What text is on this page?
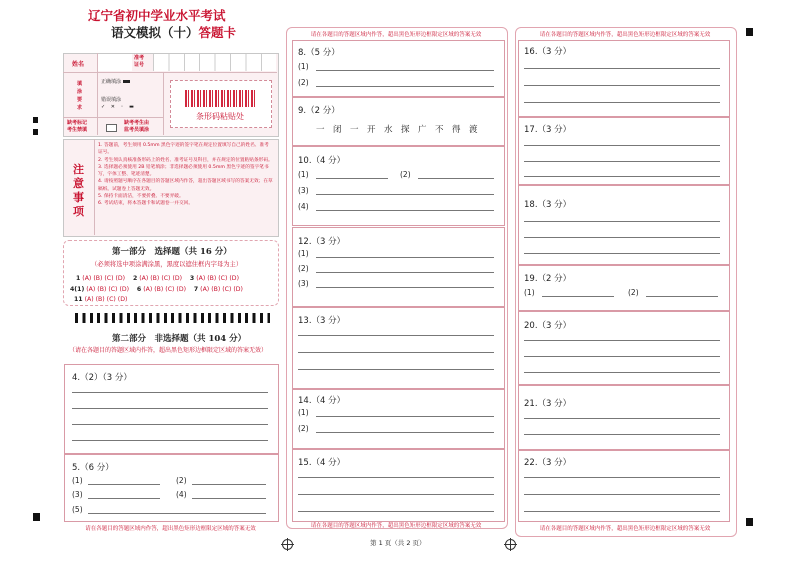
辽宁省初中学业水平考试
语文模拟（十）答题卡
姓名
准考
证号
填
涂
要
求
正确填涂
错误填涂
✓ ✕ ◦ ▬
缺考标记
考生禁填
缺考考生由
监考员填涂
条形码粘贴处
注
意
事
项
1. 答题前，考生须用 0.5mm 黑色字迹的签字笔在规定位置填写自己的姓名、准考证号。
2. 考生须认真核准条形码上的姓名、准考证号及科目，并在规定的位置粘贴条形码。
3. 选择题必须使用 2B 铅笔填涂；非选择题必须使用 0.5mm 黑色字迹的签字笔书写，字体工整、笔迹清楚。
4. 请按照题号顺序在各题目的答题区域内作答，超出答题区域书写的答案无效；在草稿纸、试题卷上答题无效。
5. 保持卡面清洁，不要折叠、不要弄破。
6. 考试结束，将本答题卡和试题卷一并交回。
第一部分　选择题（共 16 分）
（必须将选中项涂满涂黑，黑度以遮住框内字母为主）
1 (A) (B) (C) (D) 2 (A) (B) (C) (D) 3 (A) (B) (C) (D)
4(1) (A) (B) (C) (D) 6 (A) (B) (C) (D) 7 (A) (B) (C) (D)
11 (A) (B) (C) (D)
第二部分　非选择题（共 104 分）
（请在各题目的答题区域内作答，超出黑色矩形边框限定区域的答案无效）
4.（2）（3 分）
5.（6 分）
(1)	(2)
(3)	(4)
(5)
请在各题目的答题区域内作答，超出黑色矩形边框限定区域的答案无效
请在各题目的答题区域内作答，超出黑色矩形边框限定区域的答案无效
8.（5 分）
(1)
(2)
9.（2 分）
一　闭　一　开　水　探　广　不　得　渡
10.（4 分）
(1)	(2)
(3)
(4)
12.（3 分）
(1)
(2)
(3)
13.（3 分）
14.（4 分）
(1)
(2)
15.（4 分）
请在各题目的答题区域内作答，超出黑色矩形边框限定区域的答案无效
请在各题目的答题区域内作答，超出黑色矩形边框限定区域的答案无效
16.（3 分）
17.（3 分）
18.（3 分）
19.（2 分）
(1)	(2)
20.（3 分）
21.（3 分）
22.（3 分）
请在各题目的答题区域内作答，超出黑色矩形边框限定区域的答案无效
第 1 页（共 2 页）
